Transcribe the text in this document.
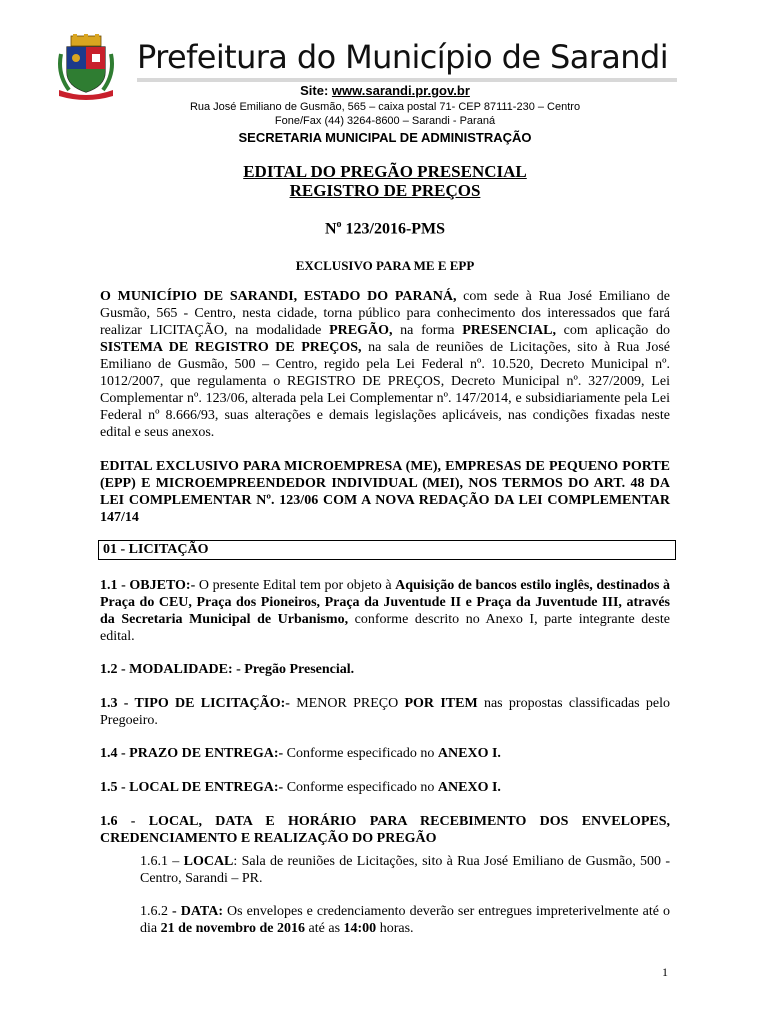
Prefeitura do Município de Sarandi
Site: www.sarandi.pr.gov.br
Rua José Emiliano de Gusmão, 565 – caixa postal 71- CEP 87111-230 – Centro
Fone/Fax (44) 3264-8600 – Sarandi - Paraná
SECRETARIA MUNICIPAL DE ADMINISTRAÇÃO
EDITAL DO PREGÃO PRESENCIAL
REGISTRO DE PREÇOS
$N^o$ 123/2016-PMS
EXCLUSIVO PARA ME E EPP
O MUNICÍPIO DE SARANDI, ESTADO DO PARANÁ, com sede à Rua José Emiliano de Gusmão, 565 - Centro, nesta cidade, torna público para conhecimento dos interessados que fará realizar LICITAÇÃO, na modalidade PREGÃO, na forma PRESENCIAL, com aplicação do SISTEMA DE REGISTRO DE PREÇOS, na sala de reuniões de Licitações, sito à Rua José Emiliano de Gusmão, 500 – Centro, regido pela Lei Federal nº. 10.520, Decreto Municipal nº. 1012/2007, que regulamenta o REGISTRO DE PREÇOS, Decreto Municipal nº. 327/2009, Lei Complementar nº. 123/06, alterada pela Lei Complementar nº. 147/2014, e subsidiariamente pela Lei Federal nº 8.666/93, suas alterações e demais legislações aplicáveis, nas condições fixadas neste edital e seus anexos.
EDITAL EXCLUSIVO PARA MICROEMPRESA (ME), EMPRESAS DE PEQUENO PORTE (EPP) E MICROEMPREENDEDOR INDIVIDUAL (MEI), NOS TERMOS DO ART. 48 DA LEI COMPLEMENTAR Nº. 123/06 COM A NOVA REDAÇÃO DA LEI COMPLEMENTAR 147/14
01 - LICITAÇÃO
1.1 - OBJETO:- O presente Edital tem por objeto à Aquisição de bancos estilo inglês, destinados à Praça do CEU, Praça dos Pioneiros, Praça da Juventude II e Praça da Juventude III, através da Secretaria Municipal de Urbanismo, conforme descrito no Anexo I, parte integrante deste edital.
1.2 - MODALIDADE: - Pregão Presencial.
1.3 - TIPO DE LICITAÇÃO:- MENOR PREÇO POR ITEM nas propostas classificadas pelo Pregoeiro.
1.4 - PRAZO DE ENTREGA:- Conforme especificado no ANEXO I.
1.5 - LOCAL DE ENTREGA:- Conforme especificado no ANEXO I.
1.6 - LOCAL, DATA E HORÁRIO PARA RECEBIMENTO DOS ENVELOPES, CREDENCIAMENTO E REALIZAÇÃO DO PREGÃO
1.6.1 – LOCAL: Sala de reuniões de Licitações, sito à Rua José Emiliano de Gusmão, 500 - Centro, Sarandi – PR.
1.6.2 - DATA: Os envelopes e credenciamento deverão ser entregues impreterivelmente até o dia 21 de novembro de 2016 até as 14:00 horas.
1
